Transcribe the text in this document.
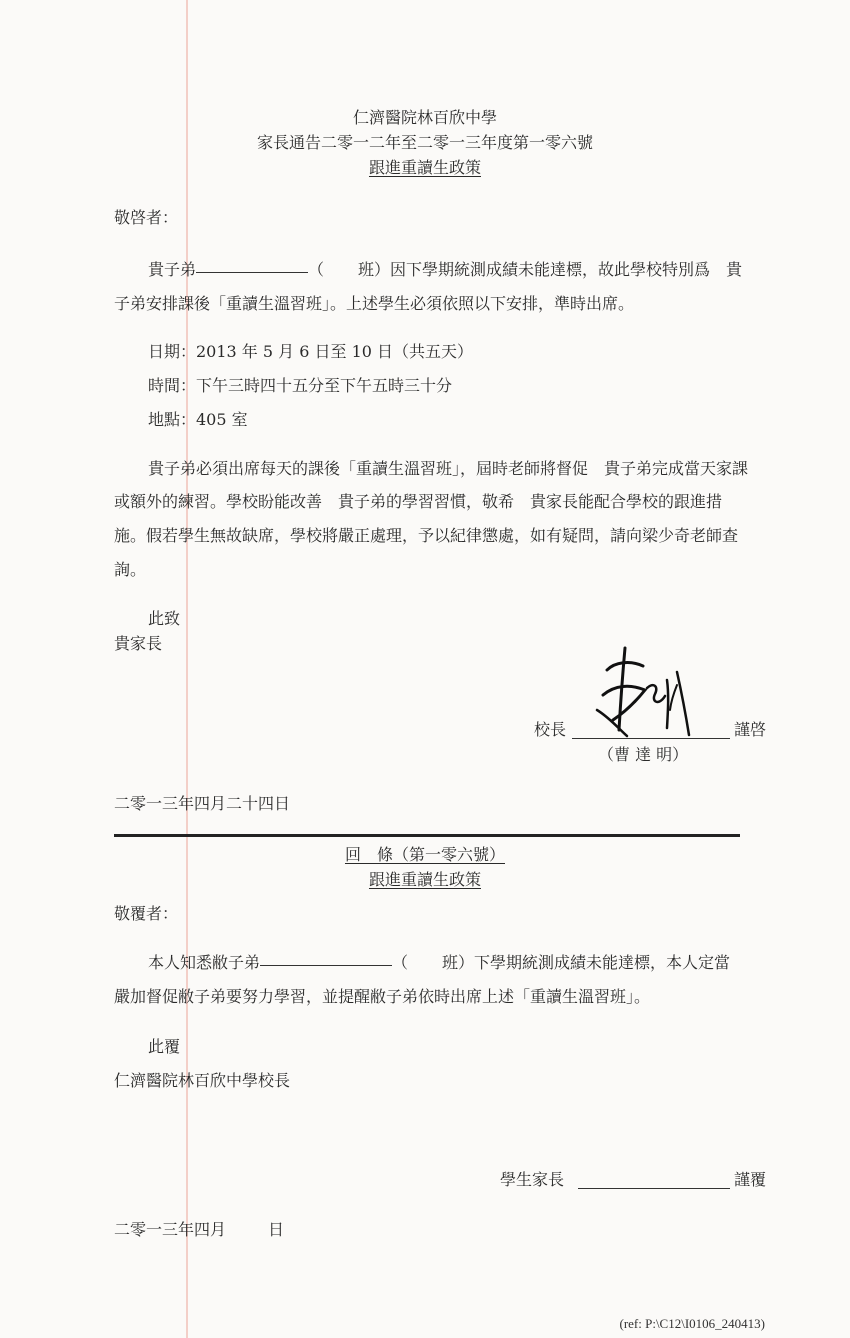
仁濟醫院林百欣中學
家長通告二零一二年至二零一三年度第一零六號
跟進重讀生政策
敬啓者：
貴子弟	（ 班）因下學期統測成績未能達標，故此學校特別爲　貴
子弟安排課後「重讀生溫習班」。上述學生必須依照以下安排，準時出席。
日期：2013 年 5 月 6 日至 10 日（共五天）
時間：下午三時四十五分至下午五時三十分
地點：405 室
貴子弟必須出席每天的課後「重讀生溫習班」，屆時老師將督促　貴子弟完成當天家課
或額外的練習。學校盼能改善　貴子弟的學習習慣，敬希　貴家長能配合學校的跟進措
施。假若學生無故缺席，學校將嚴正處理，予以紀律懲處，如有疑問，請向梁少奇老師查
詢。
此致
貴家長
校長	謹啓
（曹 達 明）
二零一三年四月二十四日
回　條（第一零六號）
跟進重讀生政策
敬覆者：
本人知悉敝子弟	（ 班）下學期統測成績未能達標，本人定當
嚴加督促敝子弟要努力學習，並提醒敝子弟依時出席上述「重讀生溫習班」。
此覆
仁濟醫院林百欣中學校長
學生家長	謹覆
二零一三年四月	日
(ref: P:\C12\I0106_240413)
